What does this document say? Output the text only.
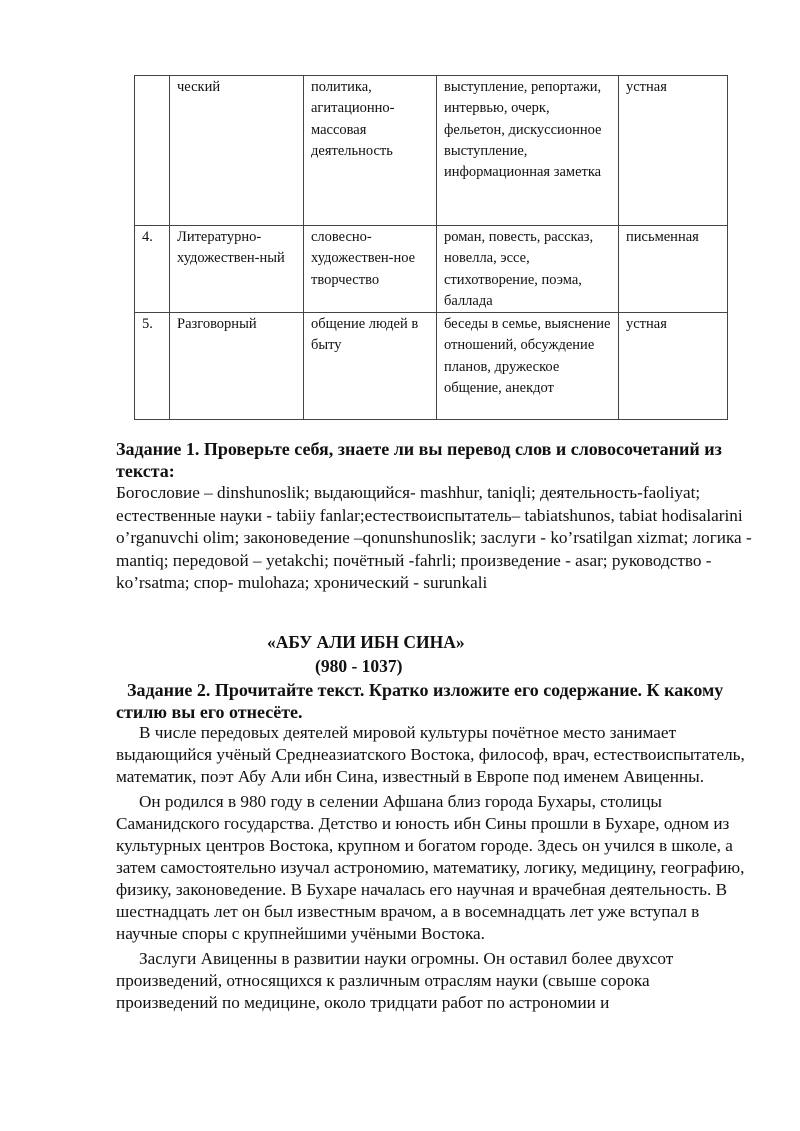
	ческий	политика, агитационно-массовая деятельность	выступление, репортажи, интервью, очерк, фельетон, дискуссионное выступление, информационная заметка	устная
4.	Литературно-художествен-ный	словесно-художествен-ное творчество	роман, повесть, рассказ, новелла, эссе, стихотворение, поэма, баллада	письменная
5.	Разговорный	общение людей в быту	беседы в семье, выяснение отношений, обсуждение планов, дружеское общение, анекдот	устная
Задание 1. Проверьте себя, знаете ли вы перевод слов и словосочетаний из текста:
Богословие – dinshunoslik; выдающийся- mashhur, taniqli; деятельность-faoliyat; естественные науки - tabiiy fanlar;естествоиспытатель– tabiatshunos, tabiat hodisalarini o’rganuvchi olim; законоведение –qonunshunoslik; заслуги - ko’rsatilgan xizmat; логика - mantiq; передовой – yetakchi; почётный -fahrli; произведение - asar; руководство - ko’rsatma; спор- mulohaza; хронический - surunkali
«АБУ АЛИ ИБН СИНА»
(980 - 1037)
Задание 2. Прочитайте текст. Кратко изложите его содержание. К какому стилю вы его отнесёте.

В числе передовых деятелей мировой культуры почётное место занимает выдающийся учёный Среднеазиатского Востока, философ, врач, естествоиспытатель, математик, поэт Абу Али ибн Сина, известный в Европе под именем Авиценны.

Он родился в 980 году в селении Афшана близ города Бухары, столицы Саманидского государства. Детство и юность ибн Сины прошли в Бухаре, одном из культурных центров Востока, крупном и богатом городе. Здесь он учился в школе, а затем самостоятельно изучал астрономию, математику, логику, медицину, географию, физику, законоведение. В Бухаре началась его научная и врачебная деятельность. В шестнадцать лет он был известным врачом, а в восемнадцать лет уже вступал в научные споры с крупнейшими учёными Востока.

Заслуги Авиценны в развитии науки огромны. Он оставил более двухсот произведений, относящихся к различным отраслям науки (свыше сорока произведений по медицине, около тридцати работ по астрономии и
